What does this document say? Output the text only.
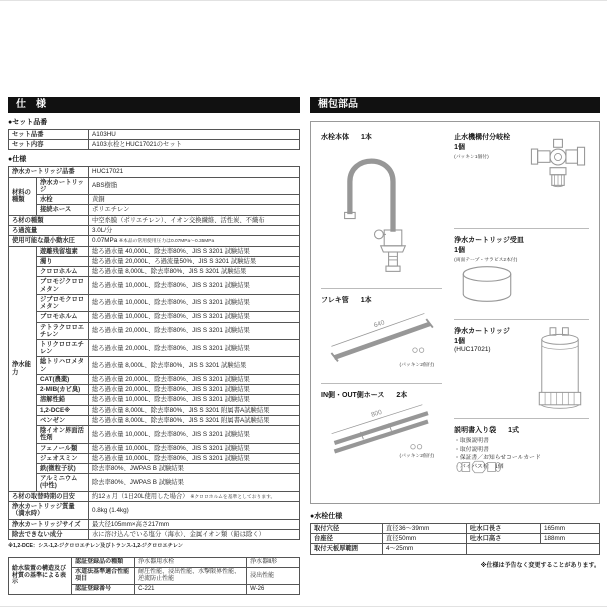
仕　様
●セット品番
セット品番	A103HU
セット内容	A103水栓とHUC17021のセット
●仕様
浄水カートリッジ品番		HUC17021
材料の種類	浄水カートリッジ	ABS樹脂
	水栓	黄銅
	接続ホース	ポリエチレン
ろ材の種類		中空糸膜（ポリエチレン）、イオン交換繊維、活性炭、不織布
ろ過流量		3.0L/分
使用可能な最小動水圧		0.07MPa ※本品の常用使用圧力は0.07MPa〜0.35MPa
浄水能力	遊離残留塩素	総ろ過水量 40,000L、除去率80%、JIS S 3201 試験結果
	濁り	総ろ過水量 20,000L、ろ過流量50%、JIS S 3201 試験結果
	クロロホルム	総ろ過水量 8,000L、除去率80%、JIS S 3201 試験結果
	ブロモジクロロメタン	総ろ過水量 10,000L、除去率80%、JIS S 3201 試験結果
	ジブロモクロロメタン	総ろ過水量 10,000L、除去率80%、JIS S 3201 試験結果
	ブロモホルム	総ろ過水量 10,000L、除去率80%、JIS S 3201 試験結果
	テトラクロロエチレン	総ろ過水量 20,000L、除去率80%、JIS S 3201 試験結果
	トリクロロエチレン	総ろ過水量 20,000L、除去率80%、JIS S 3201 試験結果
	総トリハロメタン	総ろ過水量 8,000L、除去率80%、JIS S 3201 試験結果
	CAT(農薬)	総ろ過水量 20,000L、除去率80%、JIS S 3201 試験結果
	2-MIB(カビ臭)	総ろ過水量 20,000L、除去率80%、JIS S 3201 試験結果
	溶解性鉛	総ろ過水量 10,000L、除去率80%、JIS S 3201 試験結果
	1,2-DCE※	総ろ過水量 8,000L、除去率80%、JIS S 3201 附属書A試験結果
	ベンゼン	総ろ過水量 8,000L、除去率80%、JIS S 3201 附属書A試験結果
	陰イオン界面活性剤	総ろ過水量 10,000L、除去率80%、JIS S 3201 試験結果
	フェノール類	総ろ過水量 10,000L、除去率80%、JIS S 3201 試験結果
	ジェオスミン	総ろ過水量 10,000L、除去率80%、JIS S 3201 試験結果
	鉄(微粒子状)	除去率80%、JWPAS B 試験結果
	アルミニウム(中性)	除去率80%、JWPAS B 試験結果
ろ材の取替時期の目安		約12ヵ月（1日20L使用した場合） ※クロロホルムを基準としております。
浄水カートリッジ質量（満水時）		0.8kg (1.4kg)
浄水カートリッジサイズ		最大径105mm×高さ217mm
除去できない成分		水に溶け込んでいる塩分（海水）、金属イオン類（鉛は除く）
※1,2-DCE：シス-1,2-ジクロロエチレン及びトランス-1,2-ジクロロエチレン
給水装置の構造及び材質の基準による表示	認証登録品の種類	浄水器用水栓	浄水器Ⅱ形
	水道法基準適合性能項目	耐圧性能、浸出性能、水撃限界性能、逆流防止性能	浸出性能
	認証登録番号	C-221	W-26
梱包部品
水栓本体 1本
フレキ管 1本
640
(パッキン2個付)
IN側・OUT側ホース 2本
800
(パッキン2個付)
止水機構付分岐栓
1個
(パッキン1個付)
浄水カートリッジ受皿
1個
(両面テープ・サラビス2本付)
浄水カートリッジ
1個
(HUC17021)
説明書入り袋 1式
・取扱説明書
・取付説明書
・保証書／お知らせコールカード
・バイパス栓　1個
●水栓仕様
取付穴径	直径36〜39mm	吐水口長さ	165mm
台座径	直径50mm	吐水口高さ	188mm
取付天板厚範囲	4〜25mm		
※仕様は予告なく変更することがあります。
